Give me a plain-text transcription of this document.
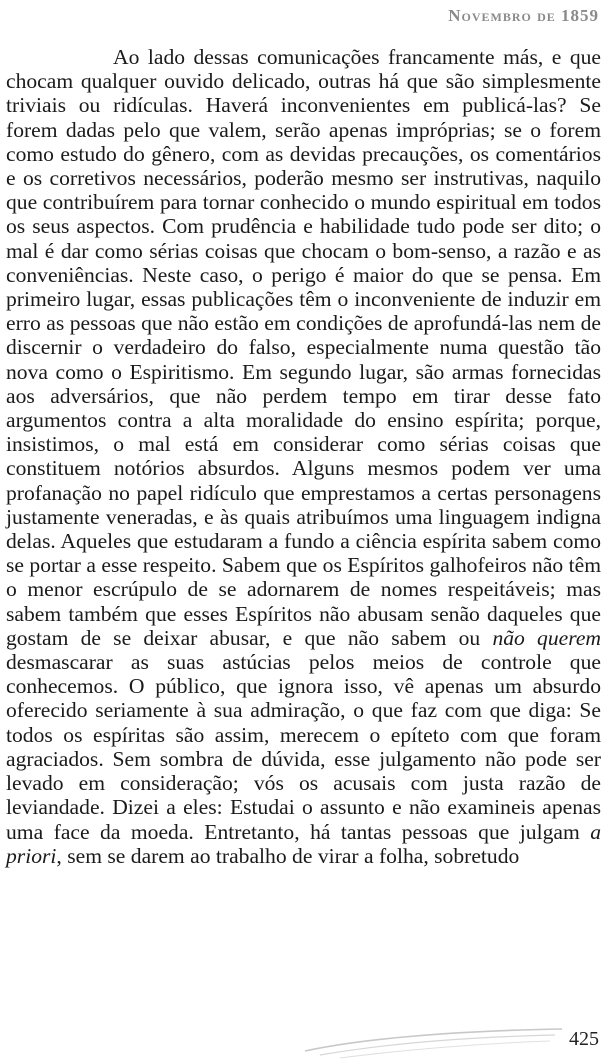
Novembro de 1859

Ao lado dessas comunicações francamente más, e que chocam qualquer ouvido delicado, outras há que são simplesmente triviais ou ridículas. Haverá inconvenientes em publicá-las? Se forem dadas pelo que valem, serão apenas impróprias; se o forem como estudo do gênero, com as devidas precauções, os comentários e os corretivos necessários, poderão mesmo ser instrutivas, naquilo que contribuírem para tornar conhecido o mundo espiritual em todos os seus aspectos. Com prudência e habilidade tudo pode ser dito; o mal é dar como sérias coisas que chocam o bom-senso, a razão e as conveniências. Neste caso, o perigo é maior do que se pensa. Em primeiro lugar, essas publicações têm o inconveniente de induzir em erro as pessoas que não estão em condições de aprofundá-las nem de discernir o verdadeiro do falso, especialmente numa questão tão nova como o Espiritismo. Em segundo lugar, são armas fornecidas aos adversários, que não perdem tempo em tirar desse fato argumentos contra a alta moralidade do ensino espírita; porque, insistimos, o mal está em considerar como sérias coisas que constituem notórios absurdos. Alguns mesmos podem ver uma profanação no papel ridículo que emprestamos a certas personagens justamente veneradas, e às quais atribuímos uma linguagem indigna delas. Aqueles que estudaram a fundo a ciência espírita sabem como se portar a esse respeito. Sabem que os Espíritos galhofeiros não têm o menor escrúpulo de se adornarem de nomes respeitáveis; mas sabem também que esses Espíritos não abusam senão daqueles que gostam de se deixar abusar, e que não sabem ou não querem desmascarar as suas astúcias pelos meios de controle que conhecemos. O público, que ignora isso, vê apenas um absurdo oferecido seriamente à sua admiração, o que faz com que diga: Se todos os espíritas são assim, merecem o epíteto com que foram agraciados. Sem sombra de dúvida, esse julgamento não pode ser levado em consideração; vós os acusais com justa razão de leviandade. Dizei a eles: Estudai o assunto e não examineis apenas uma face da moeda. Entretanto, há tantas pessoas que julgam a priori, sem se darem ao trabalho de virar a folha, sobretudo

425
